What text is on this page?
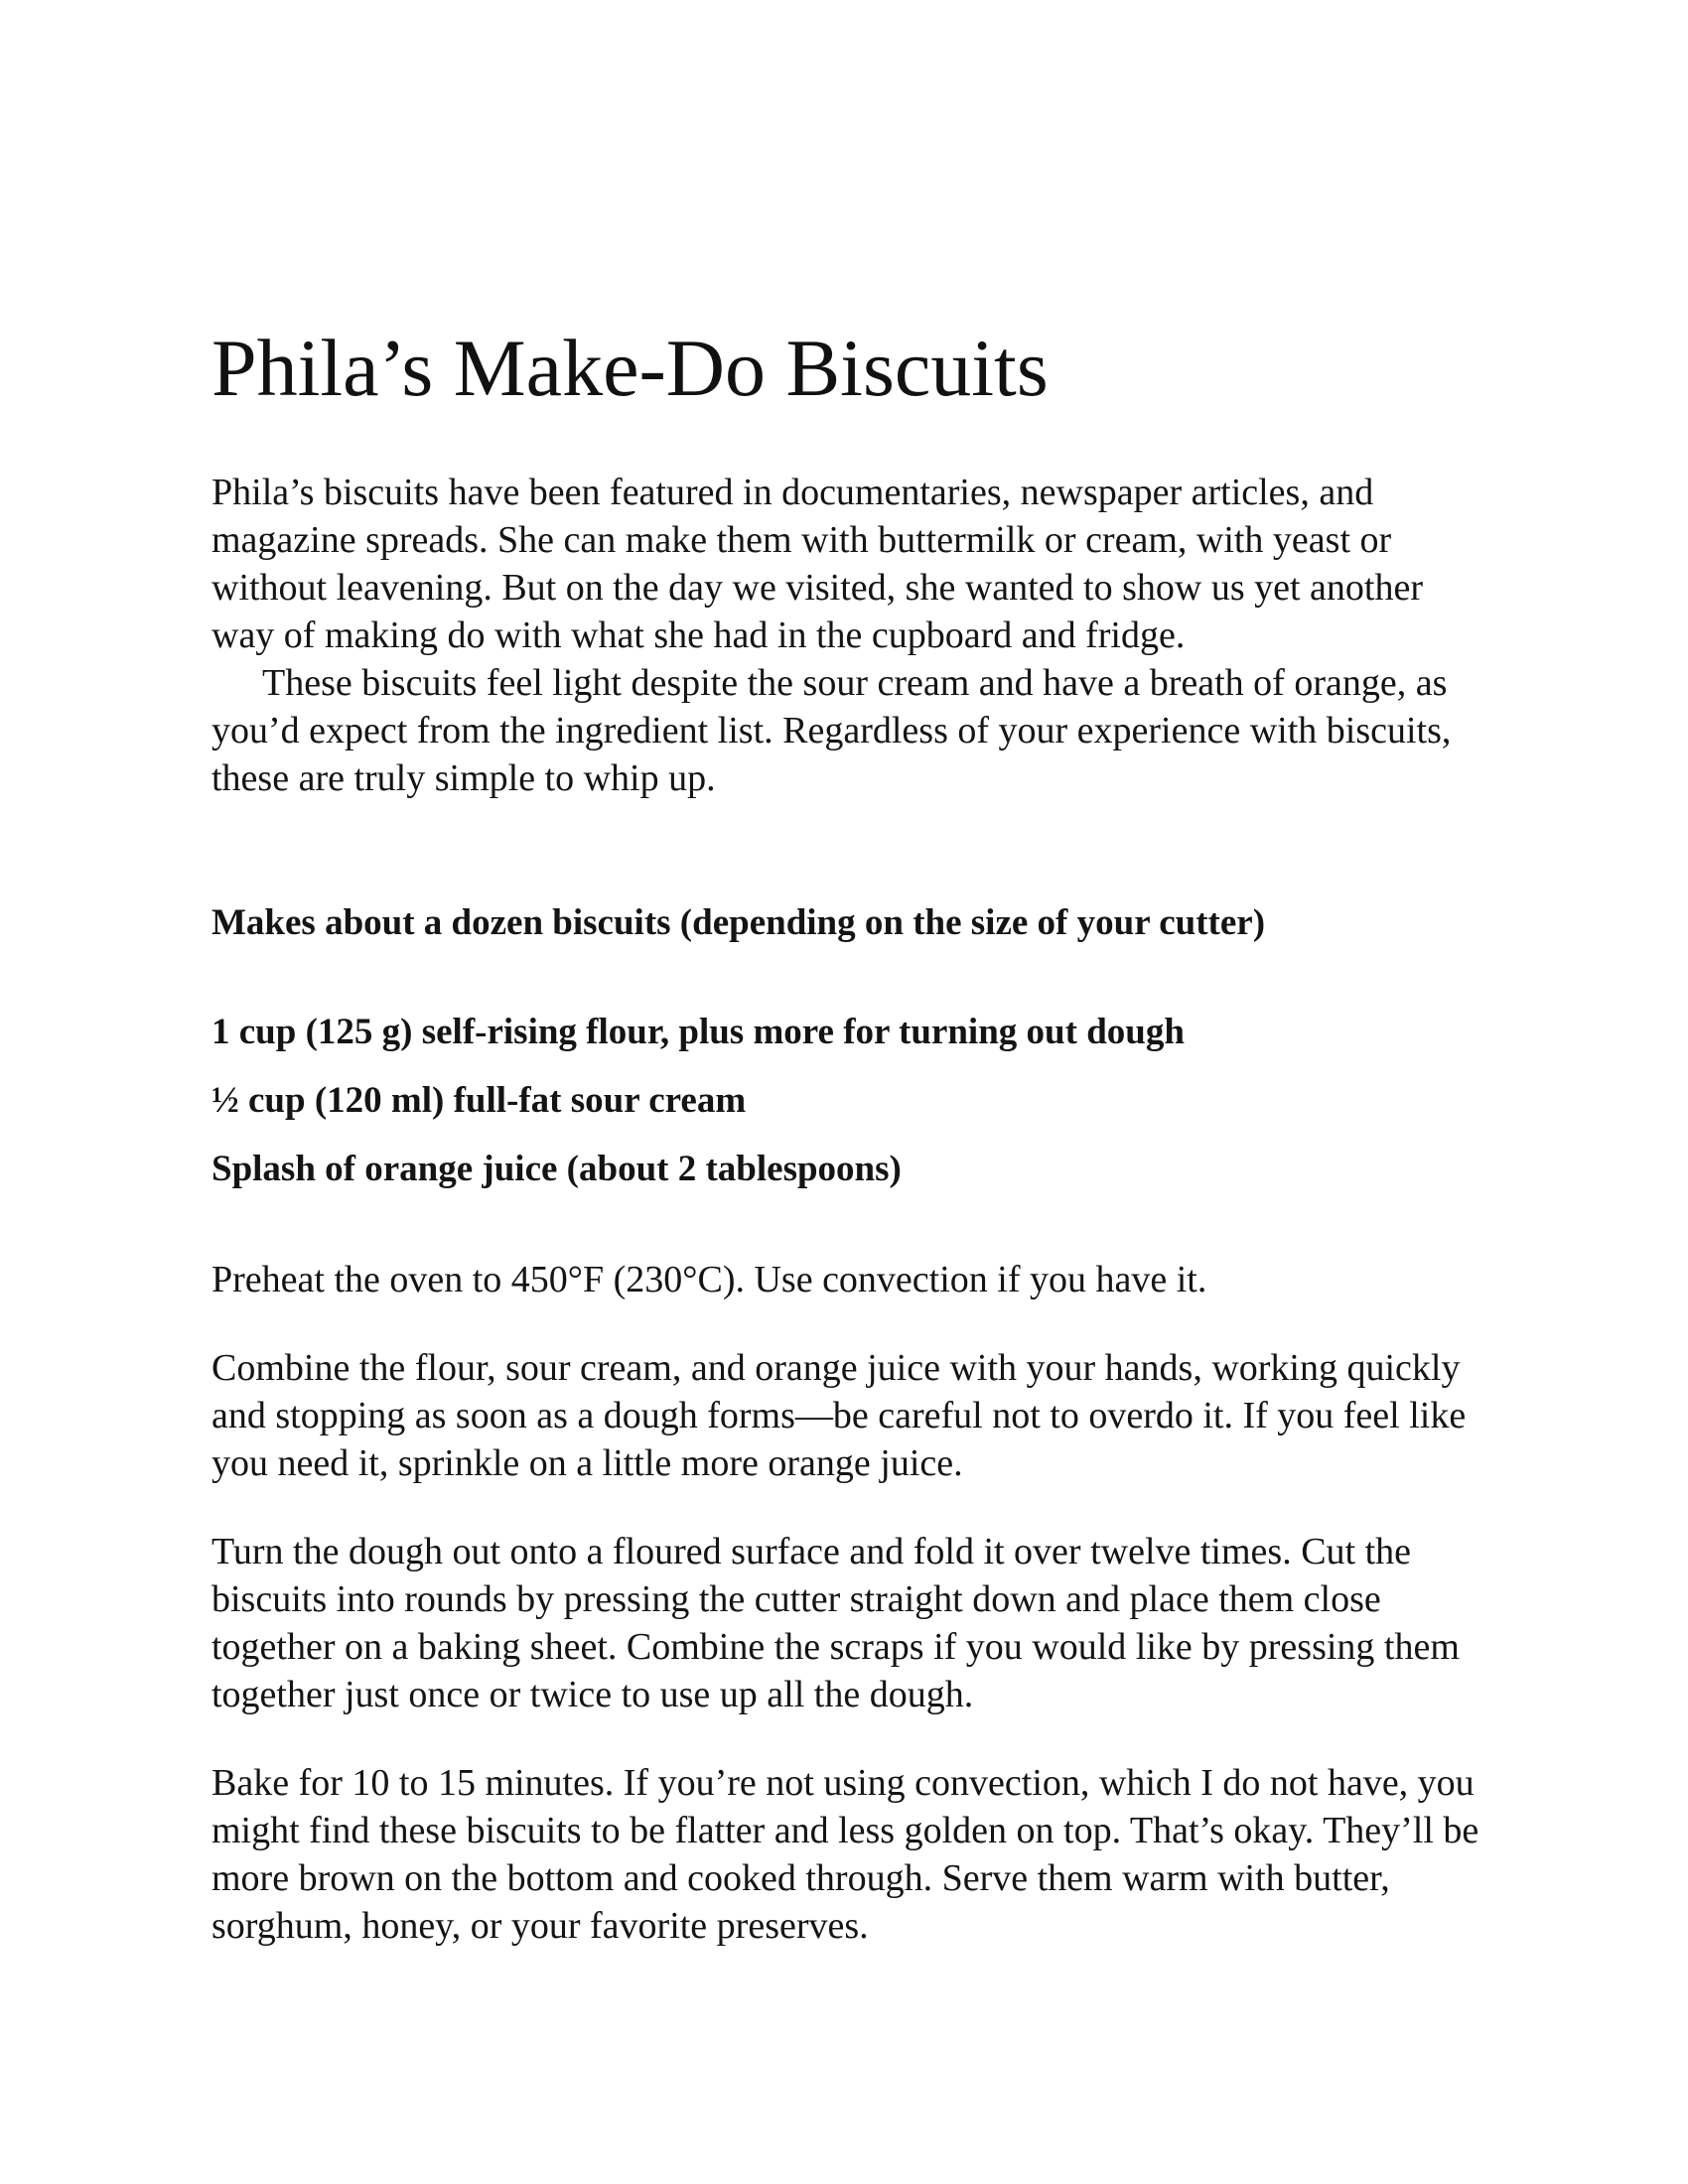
Phila’s Make-Do Biscuits

Phila’s biscuits have been featured in documentaries, newspaper articles, and magazine spreads. She can make them with buttermilk or cream, with yeast or without leavening. But on the day we visited, she wanted to show us yet another way of making do with what she had in the cupboard and fridge.

These biscuits feel light despite the sour cream and have a breath of orange, as you’d expect from the ingredient list. Regardless of your experience with biscuits, these are truly simple to whip up.

Makes about a dozen biscuits (depending on the size of your cutter)

1 cup (125 g) self-rising flour, plus more for turning out dough
½ cup (120 ml) full-fat sour cream
Splash of orange juice (about 2 tablespoons)

Preheat the oven to 450°F (230°C). Use convection if you have it.

Combine the flour, sour cream, and orange juice with your hands, working quickly and stopping as soon as a dough forms—be careful not to overdo it. If you feel like you need it, sprinkle on a little more orange juice.

Turn the dough out onto a floured surface and fold it over twelve times. Cut the biscuits into rounds by pressing the cutter straight down and place them close together on a baking sheet. Combine the scraps if you would like by pressing them together just once or twice to use up all the dough.

Bake for 10 to 15 minutes. If you’re not using convection, which I do not have, you might find these biscuits to be flatter and less golden on top. That’s okay. They’ll be more brown on the bottom and cooked through. Serve them warm with butter, sorghum, honey, or your favorite preserves.
